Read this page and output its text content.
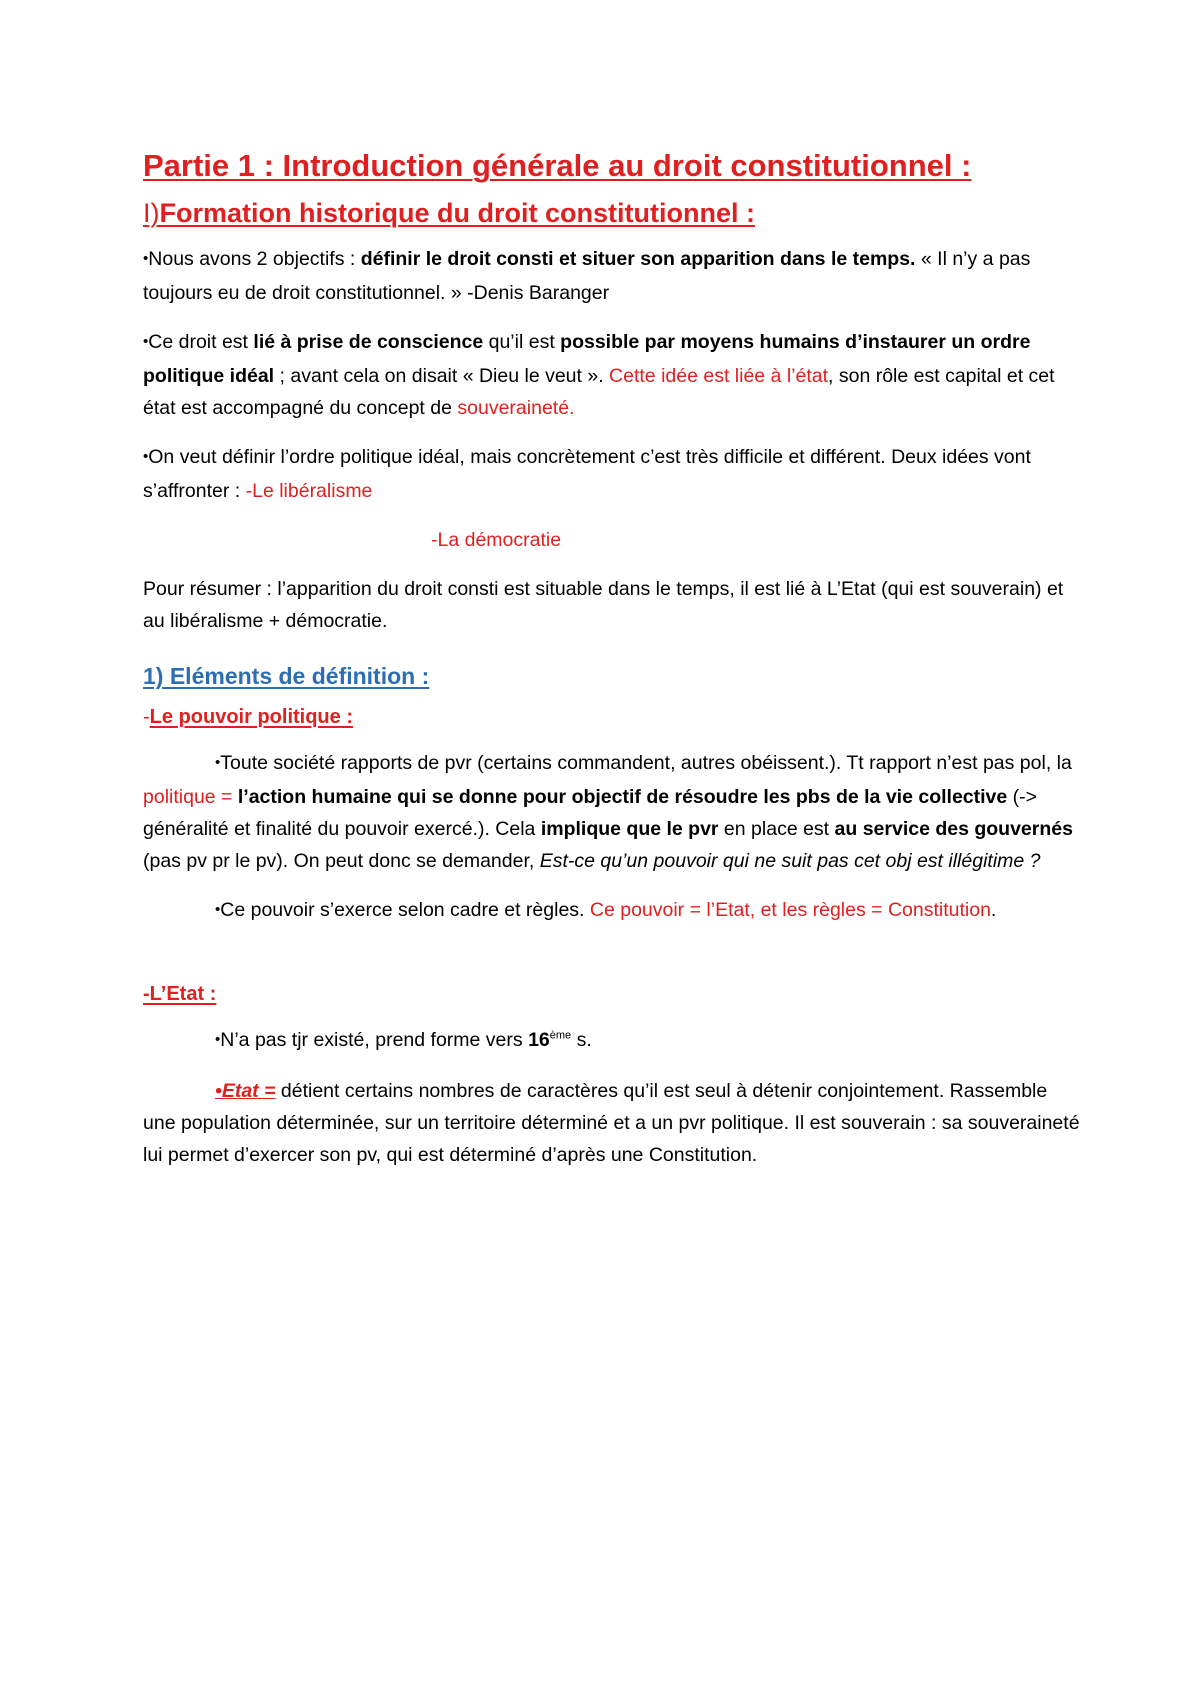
Partie 1 : Introduction générale au droit constitutionnel :
I)Formation historique du droit constitutionnel :

•Nous avons 2 objectifs : définir le droit consti et situer son apparition dans le temps. « Il n’y a pas toujours eu de droit constitutionnel. » -Denis Baranger

•Ce droit est lié à prise de conscience qu’il est possible par moyens humains d’instaurer un ordre politique idéal ; avant cela on disait « Dieu le veut ». Cette idée est liée à l’état, son rôle est capital et cet état est accompagné du concept de souveraineté.

•On veut définir l’ordre politique idéal, mais concrètement c’est très difficile et différent. Deux idées vont s’affronter : -Le libéralisme

-La démocratie

Pour résumer : l’apparition du droit consti est situable dans le temps, il est lié à L’Etat (qui est souverain) et au libéralisme + démocratie.

1) Eléments de définition :
-Le pouvoir politique :

•Toute société rapports de pvr (certains commandent, autres obéissent.). Tt rapport n’est pas pol, la politique = l’action humaine qui se donne pour objectif de résoudre les pbs de la vie collective (-> généralité et finalité du pouvoir exercé.). Cela implique que le pvr en place est au service des gouvernés (pas pv pr le pv). On peut donc se demander, Est-ce qu’un pouvoir qui ne suit pas cet obj est illégitime ?

•Ce pouvoir s’exerce selon cadre et règles. Ce pouvoir = l’Etat, et les règles = Constitution.

-L’Etat :

•N’a pas tjr existé, prend forme vers 16ème s.

•Etat = détient certains nombres de caractères qu’il est seul à détenir conjointement. Rassemble une population déterminée, sur un territoire déterminé et a un pvr politique. Il est souverain : sa souveraineté lui permet d’exercer son pv, qui est déterminé d’après une Constitution.
